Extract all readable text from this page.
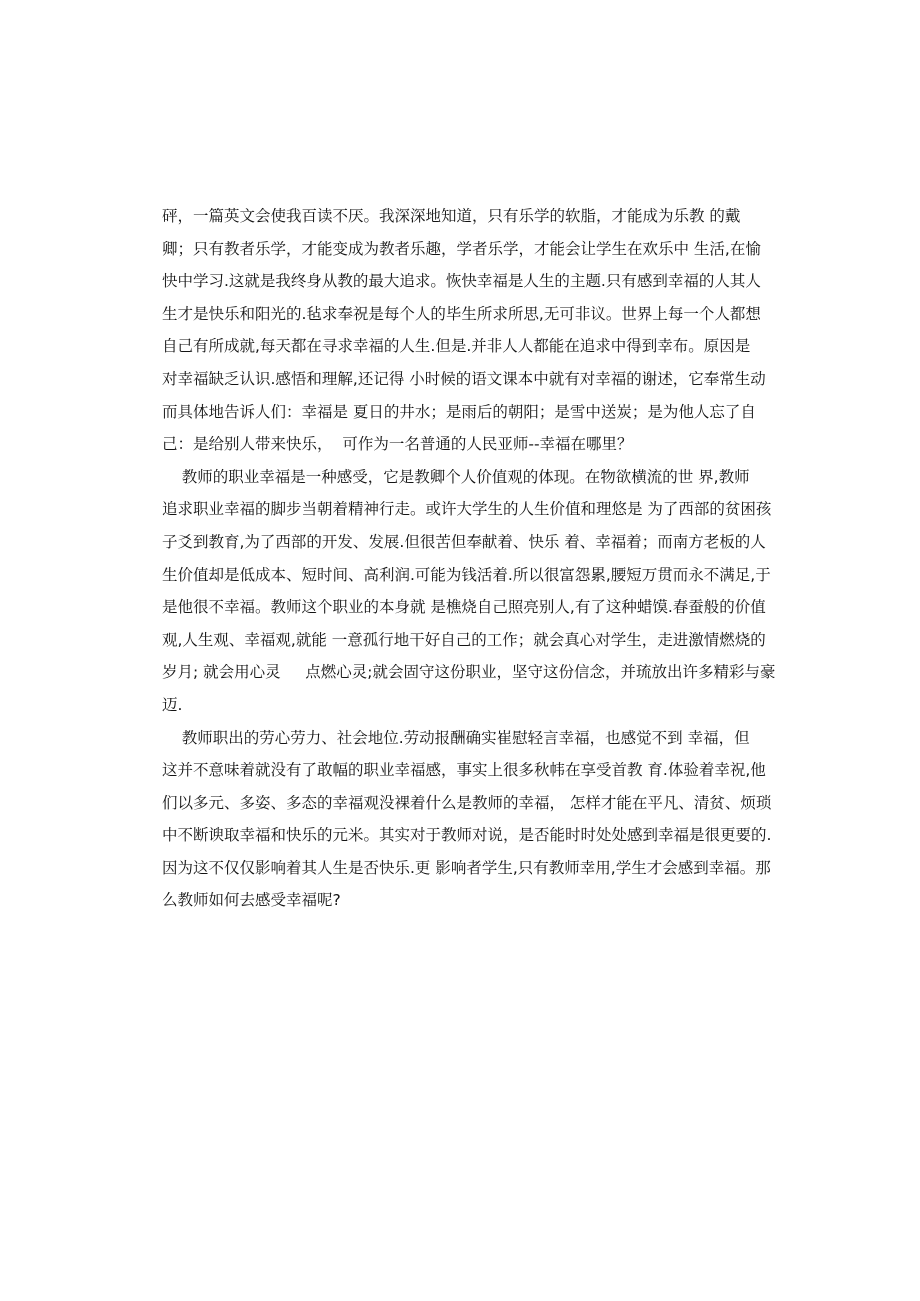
砰，一篇英文会使我百读不厌。我深深地知道，只有乐学的软脂，才能成为乐教 的戴
卿；只有教者乐学，才能变成为教者乐趣，学者乐学，才能会让学生在欢乐中 生活,在愉
快中学习.这就是我终身从教的最大追求。恢快幸福是人生的主题.只有感到幸福的人其人
生才是快乐和阳光的.毡求奉祝是每个人的毕生所求所思,无可非议。世界上每一个人都想
自己有所成就,每天都在寻求幸福的人生.但是.并非人人都能在追求中得到幸布。原因是
对幸福缺乏认识.感悟和理解,还记得 小时候的语文课本中就有对幸福的谢述，它奉常生动
而具体地告诉人们：幸福是 夏日的井水；是雨后的朝阳；是雪中送炭；是为他人忘了自
己：是给别人带来快乐，  可作为一名普通的人民亚师--幸福在哪里？
教师的职业幸福是一种感受，它是教卿个人价值观的体现。在物欲横流的世 界,教师
追求职业幸福的脚步当朝着精神行走。或许大学生的人生价值和理悠是 为了西部的贫困孩
子爻到教育,为了西部的开发、发展.但很苦但奉献着、快乐 着、幸福着；而南方老板的人
生价值却是低成本、短时间、高利润.可能为钱活着.所以很富怨累,腰短万贯而永不满足,于
是他很不幸福。教师这个职业的本身就 是樵烧自己照亮别人,有了这种蜡馍.春蚕般的价值
观,人生观、幸福观,就能 一意孤行地干好自己的工作；就会真心对学生，走进激情燃烧的
岁月; 就会用心灵     点燃心灵;就会固守这份职业，坚守这份信念，并琉放出许多精彩与豪
迈.
教师职出的劳心劳力、社会地位.劳动报酬确实崔慰轻言幸福，也感觉不到 幸福，但
这并不意味着就没有了敢幅的职业幸福感，事实上很多秋帏在享受首教 育.体验着幸祝,他
们以多元、多姿、多态的幸福观没裸着什么是教师的幸福， 怎样才能在平凡、清贫、烦琐
中不断谀取幸福和快乐的元米。其实对于教师对说，是否能时时处处感到幸福是很更要的.
因为这不仅仅影响着其人生是否快乐.更 影响者学生,只有教师幸用,学生才会感到幸福。那
么教师如何去感受幸福呢?
